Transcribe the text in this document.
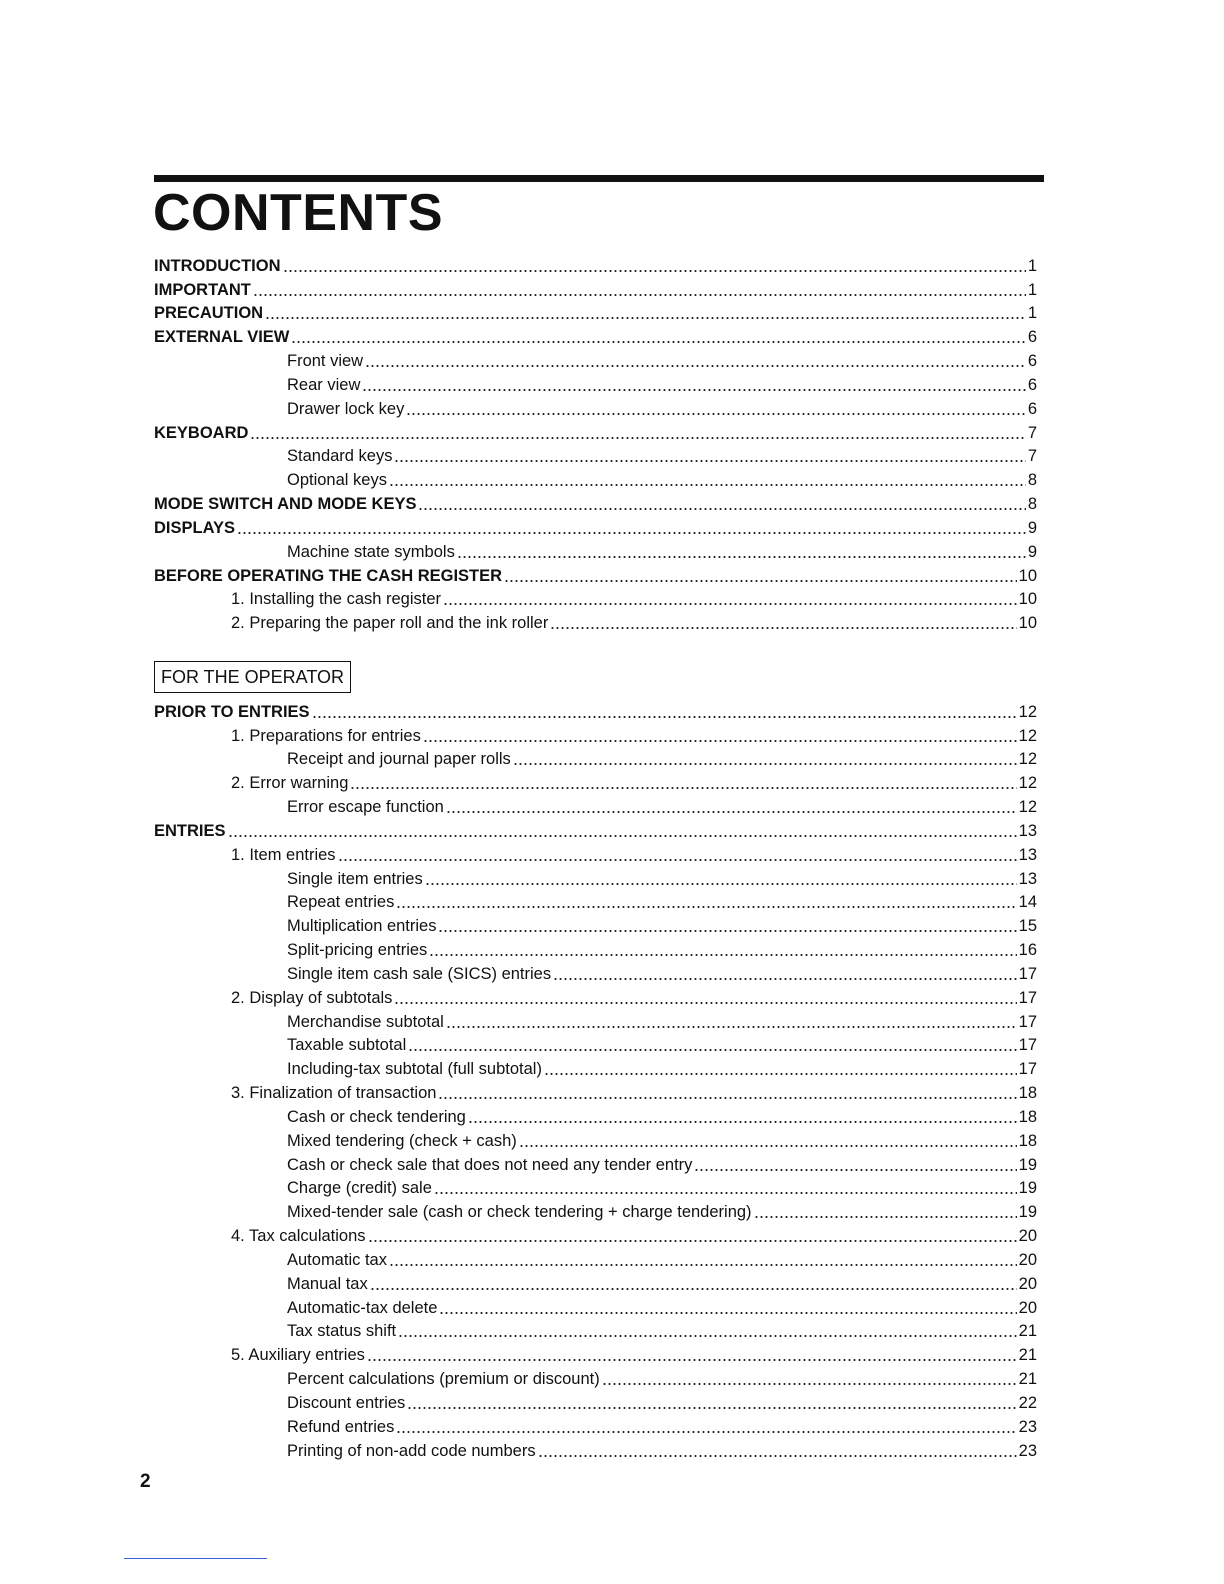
CONTENTS
INTRODUCTION	1
IMPORTANT	1
PRECAUTION	1
EXTERNAL VIEW	6
Front view	6
Rear view	6
Drawer lock key	6
KEYBOARD	7
Standard keys	7
Optional keys	8
MODE SWITCH AND MODE KEYS	8
DISPLAYS	9
Machine state symbols	9
BEFORE OPERATING THE CASH REGISTER	10
1. Installing the cash register	10
2. Preparing the paper roll and the ink roller	10
FOR THE OPERATOR
PRIOR TO ENTRIES	12
1. Preparations for entries	12
Receipt and journal paper rolls	12
2. Error warning	12
Error escape function	12
ENTRIES	13
1. Item entries	13
Single item entries	13
Repeat entries	14
Multiplication entries	15
Split-pricing entries	16
Single item cash sale (SICS) entries	17
2. Display of subtotals	17
Merchandise subtotal	17
Taxable subtotal	17
Including-tax subtotal (full subtotal)	17
3. Finalization of transaction	18
Cash or check tendering	18
Mixed tendering (check + cash)	18
Cash or check sale that does not need any tender entry	19
Charge (credit) sale	19
Mixed-tender sale (cash or check tendering + charge tendering)	19
4. Tax calculations	20
Automatic tax	20
Manual tax	20
Automatic-tax delete	20
Tax status shift	21
5. Auxiliary entries	21
Percent calculations (premium or discount)	21
Discount entries	22
Refund entries	23
Printing of non-add code numbers	23
2
